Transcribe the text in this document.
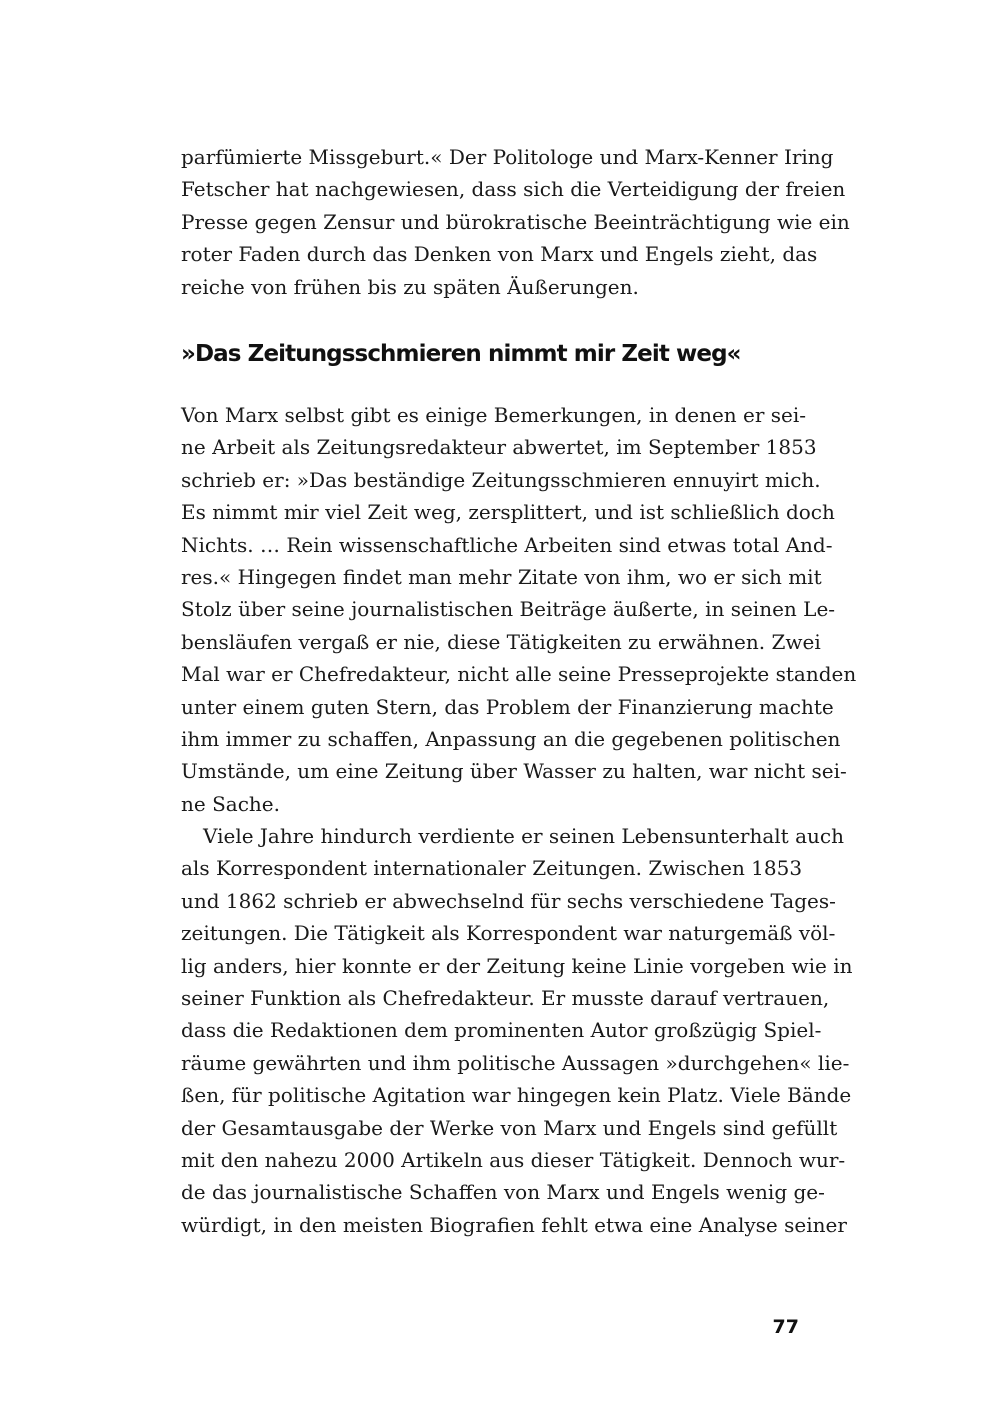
parfümierte Missgeburt.« Der Politologe und Marx-Kenner Iring
Fetscher hat nachgewiesen, dass sich die Verteidigung der freien
Presse gegen Zensur und bürokratische Beeinträchtigung wie ein
roter Faden durch das Denken von Marx und Engels zieht, das
reiche von frühen bis zu späten Äußerungen.
»Das Zeitungsschmieren nimmt mir Zeit weg«
Von Marx selbst gibt es einige Bemerkungen, in denen er sei-
ne Arbeit als Zeitungsredakteur abwertet, im September 1853
schrieb er: »Das beständige Zeitungsschmieren ennuyirt mich.
Es nimmt mir viel Zeit weg, zersplittert, und ist schließlich doch
Nichts. … Rein wissenschaftliche Arbeiten sind etwas total And-
res.« Hingegen findet man mehr Zitate von ihm, wo er sich mit
Stolz über seine journalistischen Beiträge äußerte, in seinen Le-
bensläufen vergaß er nie, diese Tätigkeiten zu erwähnen. Zwei
Mal war er Chefredakteur, nicht alle seine Presseprojekte standen
unter einem guten Stern, das Problem der Finanzierung machte
ihm immer zu schaffen, Anpassung an die gegebenen politischen
Umstände, um eine Zeitung über Wasser zu halten, war nicht sei-
ne Sache.
Viele Jahre hindurch verdiente er seinen Lebensunterhalt auch
als Korrespondent internationaler Zeitungen. Zwischen 1853
und 1862 schrieb er abwechselnd für sechs verschiedene Tages-
zeitungen. Die Tätigkeit als Korrespondent war naturgemäß völ-
lig anders, hier konnte er der Zeitung keine Linie vorgeben wie in
seiner Funktion als Chefredakteur. Er musste darauf vertrauen,
dass die Redaktionen dem prominenten Autor großzügig Spiel-
räume gewährten und ihm politische Aussagen »durchgehen« lie-
ßen, für politische Agitation war hingegen kein Platz. Viele Bände
der Gesamtausgabe der Werke von Marx und Engels sind gefüllt
mit den nahezu 2000 Artikeln aus dieser Tätigkeit. Dennoch wur-
de das journalistische Schaffen von Marx und Engels wenig ge-
würdigt, in den meisten Biografien fehlt etwa eine Analyse seiner
77
